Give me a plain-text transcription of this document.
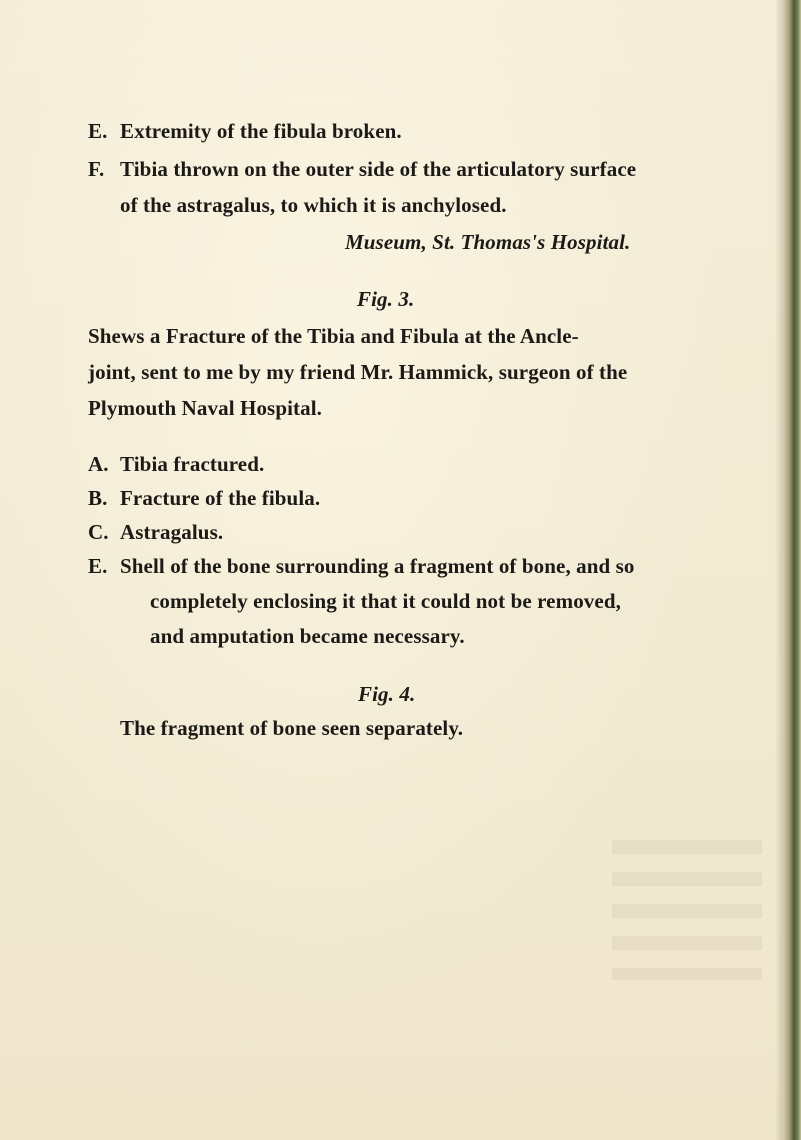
E. Extremity of the fibula broken.
F. Tibia thrown on the outer side of the articulatory surface
of the astragalus, to which it is anchylosed.
Museum, St. Thomas's Hospital.
Fig. 3.
Shews a Fracture of the Tibia and Fibula at the Ancle-
joint, sent to me by my friend Mr. Hammick, surgeon of the
Plymouth Naval Hospital.
A. Tibia fractured.
B. Fracture of the fibula.
C. Astragalus.
E. Shell of the bone surrounding a fragment of bone, and so
completely enclosing it that it could not be removed,
and amputation became necessary.
Fig. 4.
The fragment of bone seen separately.
